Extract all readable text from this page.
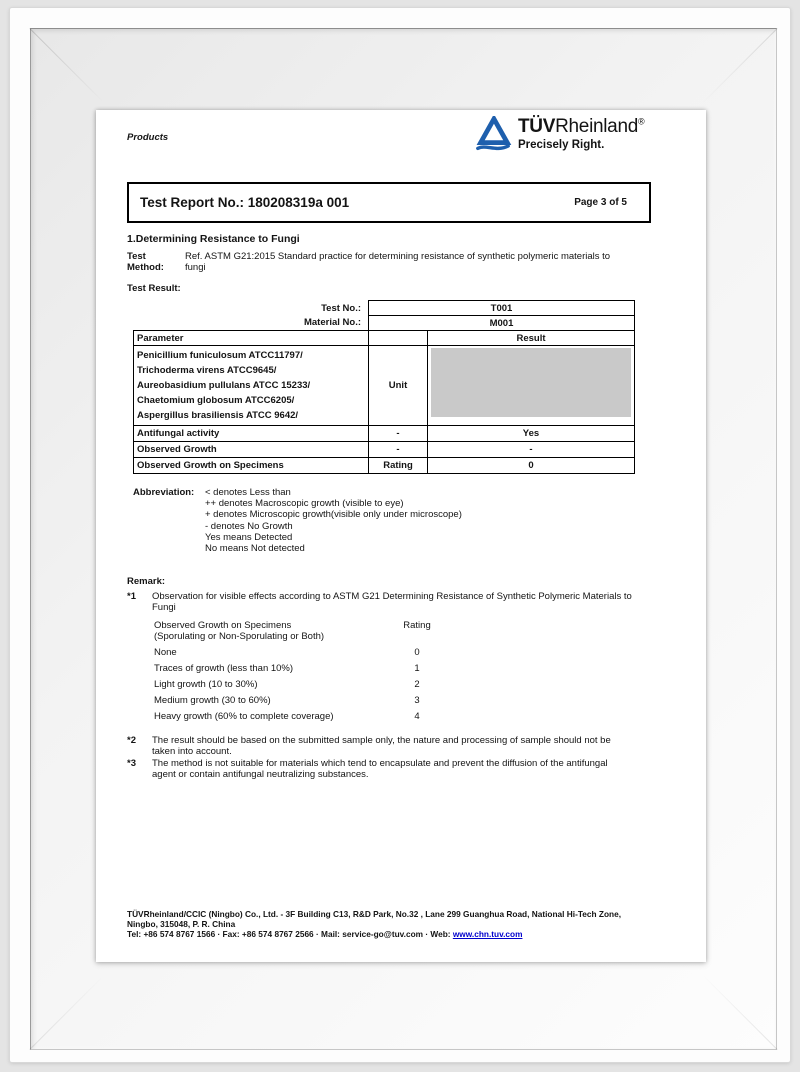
Products
TÜVRheinland®
Precisely Right.
Test Report No.: 180208319a 001	Page 3 of 5
1.Determining Resistance to Fungi
Test Method:
Ref. ASTM G21:2015 Standard practice for determining resistance of synthetic polymeric materials to fungi
Test Result:
Test No.:	T001	
Material No.:	M001	
Parameter		Result

Penicillium funiculosum ATCC11797/
Trichoderma virens ATCC9645/
Aureobasidium pullulans ATCC 15233/
Chaetomium globosum ATCC6205/
Aspergillus brasiliensis ATCC 9642/	Unit	

Antifungal activity	-	Yes
Observed Growth	-	-
Observed Growth on Specimens	Rating	0
Abbreviation:	< denotes Less than
++ denotes Macroscopic growth (visible to eye)
+ denotes Microscopic growth(visible only under microscope)
- denotes No Growth
Yes means Detected
No means Not detected
Remark:
*1	Observation for visible effects according to ASTM G21 Determining Resistance of Synthetic Polymeric Materials to Fungi
Observed Growth on Specimens
(Sporulating or Non-Sporulating or Both)
Rating
None	0
Traces of growth (less than 10%)	1
Light growth (10 to 30%)	2
Medium growth (30 to 60%)	3
Heavy growth (60% to complete coverage)	4
*2	The result should be based on the submitted sample only, the nature and processing of sample should not be taken into account.
*3	The method is not suitable for materials which tend to encapsulate and prevent the diffusion of the antifungal agent or contain antifungal neutralizing substances.
TÜVRheinland/CCIC (Ningbo) Co., Ltd. - 3F Building C13, R&D Park, No.32 , Lane 299 Guanghua Road, National Hi-Tech Zone,
Ningbo, 315048, P. R. China
Tel: +86 574 8767 1566 · Fax: +86 574 8767 2566 · Mail: service-go@tuv.com · Web: www.chn.tuv.com
